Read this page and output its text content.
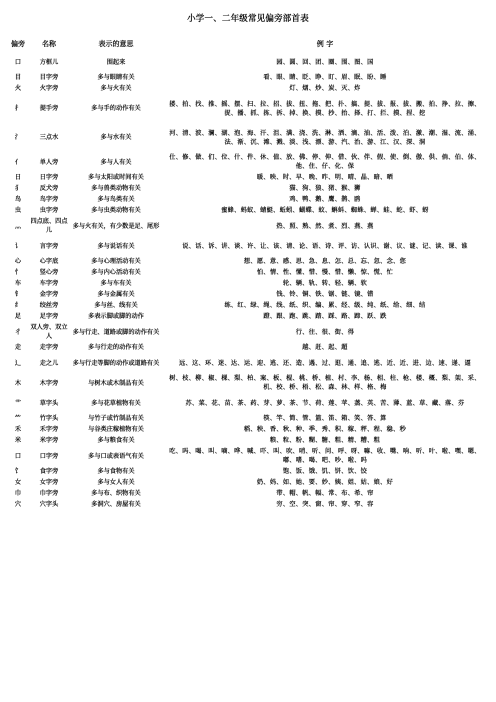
小学一、二年级常见偏旁部首表
偏旁	名称	表示的意思	例 字
口	方框儿	围起来	园、圆、回、团、圈、围、图、国
目	目字旁	多与眼睛有关	看、眼、睛、眨、睁、盯、眉、眠、盼、睡
火	火字旁	多与火有关	灯、烟、炒、炭、灭、炸
扌	提手旁	多与手的动作有关	搂、拍、找、推、摇、摆、扫、拉、招、拔、扭、拖、把、扑、搞、提、拔、报、拔、搬、拍、挣、拉、擦、捉、播、抓、拣、拆、掉、换、摸、抄、抬、择、打、拦、摸、捏、挖
氵	三点水	多与水有关	河、清、波、澜、湖、泡、海、汗、沮、满、浇、洗、淋、洒、滴、油、活、泼、泊、激、潮、湿、流、涌、法、渐、沉、滩、溅、淡、浅、漂、游、汽、治、游、江、汉、深、洞
亻	单人旁	多与人有关	仕、修、做、们、位、什、件、休、值、放、佛、停、伸、借、伙、伴、假、使、倒、傲、供、倘、伯、体、他、住、仔、化、保
日	日字旁	多与太阳或时间有关	暖、映、时、早、晚、昨、明、晴、晶、暗、晒
犭	反犬旁	多与兽类动物有关	猫、狗、狼、猪、猴、狮
鸟	鸟字旁	多与鸟类有关	鸡、鸭、鹅、鹰、鹊、鸥
虫	虫字旁	多与虫类动物有关	蜜蜂、蚂蚁、蜻蜓、蚯蚓、蝴蝶、蚊、蝌蚪、蜘蛛、蝉、蛙、蛇、虾、蚜
灬	四点底、四点儿	多与火有关，有少数是足、尾形	热、照、熟、然、煮、烈、燕、燕
讠	言字旁	多与说话有关	说、话、诉、讲、谈、许、让、该、请、论、语、诗、评、访、认识、谢、议、谜、记、读、课、谁
心	心字底	多与心理活动有关	想、愿、意、感、思、急、息、怎、总、忘、忽、念、您
忄	竖心旁	多与内心活动有关	怕、情、性、懂、惜、慢、惜、懒、惊、慌、忙
车	车字旁	多与车有关	轮、辆、轨、转、轻、辆、软
钅	金字旁	多与金属有关	钱、铃、铜、铁、锯、链、镜、错
纟	绞丝旁	多与丝、线有关	练、红、绿、绳、线、纸、织、编、累、经、级、纯、纸、给、细、结
足	足字旁	多表示脚或脚的动作	蹬、跟、跑、跳、踏、踩、路、蹄、跃、跌
彳	双人旁、双立人	多与行走、道路或脚的动作有关	行、往、很、街、得
走	走字旁	多与行走的动作有关	越、赶、起、超
辶	走之儿	多与行走等脚的动作或道路有关	远、这、环、迷、达、运、迎、逃、还、造、遇、过、逛、通、追、逃、近、近、进、边、速、递、逼
木	木字旁	与树木或木制品有关	树、枝、柳、椒、棵、梨、柏、案、板、棍、桃、桥、植、村、李、杨、相、柱、枪、楼、概、梨、架、采、机、校、桥、梧、松、森、林、样、格、梅
艹	草字头	多与花草植物有关	苏、菜、花、苗、茶、药、芽、萝、茶、节、荷、莲、苹、蒸、英、苦、薄、蓝、草、藏、落、芬
⺮	竹字头	与竹子或竹制品有关	筷、竿、简、管、篮、笛、箱、笑、答、算
禾	禾字旁	与谷类庄稼植物有关	稻、秧、香、秋、种、季、秀、积、稼、秤、程、稳、秒
米	米字旁	多与粮食有关	粮、粒、粉、糊、糖、粗、精、糟、粗
口	口字旁	多与口或表语气有关	吃、吗、喝、叫、嘀、哗、喊、吓、叫、吹、哨、听、问、呼、呀、嘛、收、嘴、响、听、叶、啦、嘿、嗯、嘟、嗜、喝、吧、吵、啦、吗
饣	食字旁	多与食物有关	饱、饭、饿、饥、饼、饮、饺
女	女字旁	多与女人有关	奶、妈、如、她、要、妙、姨、姐、姑、娘、好
巾	巾字旁	多与布、织物有关	带、帽、帆、幅、常、布、希、帘
穴	穴字头	多洞穴、房屋有关	穷、空、突、窗、帘、穿、窄、容
